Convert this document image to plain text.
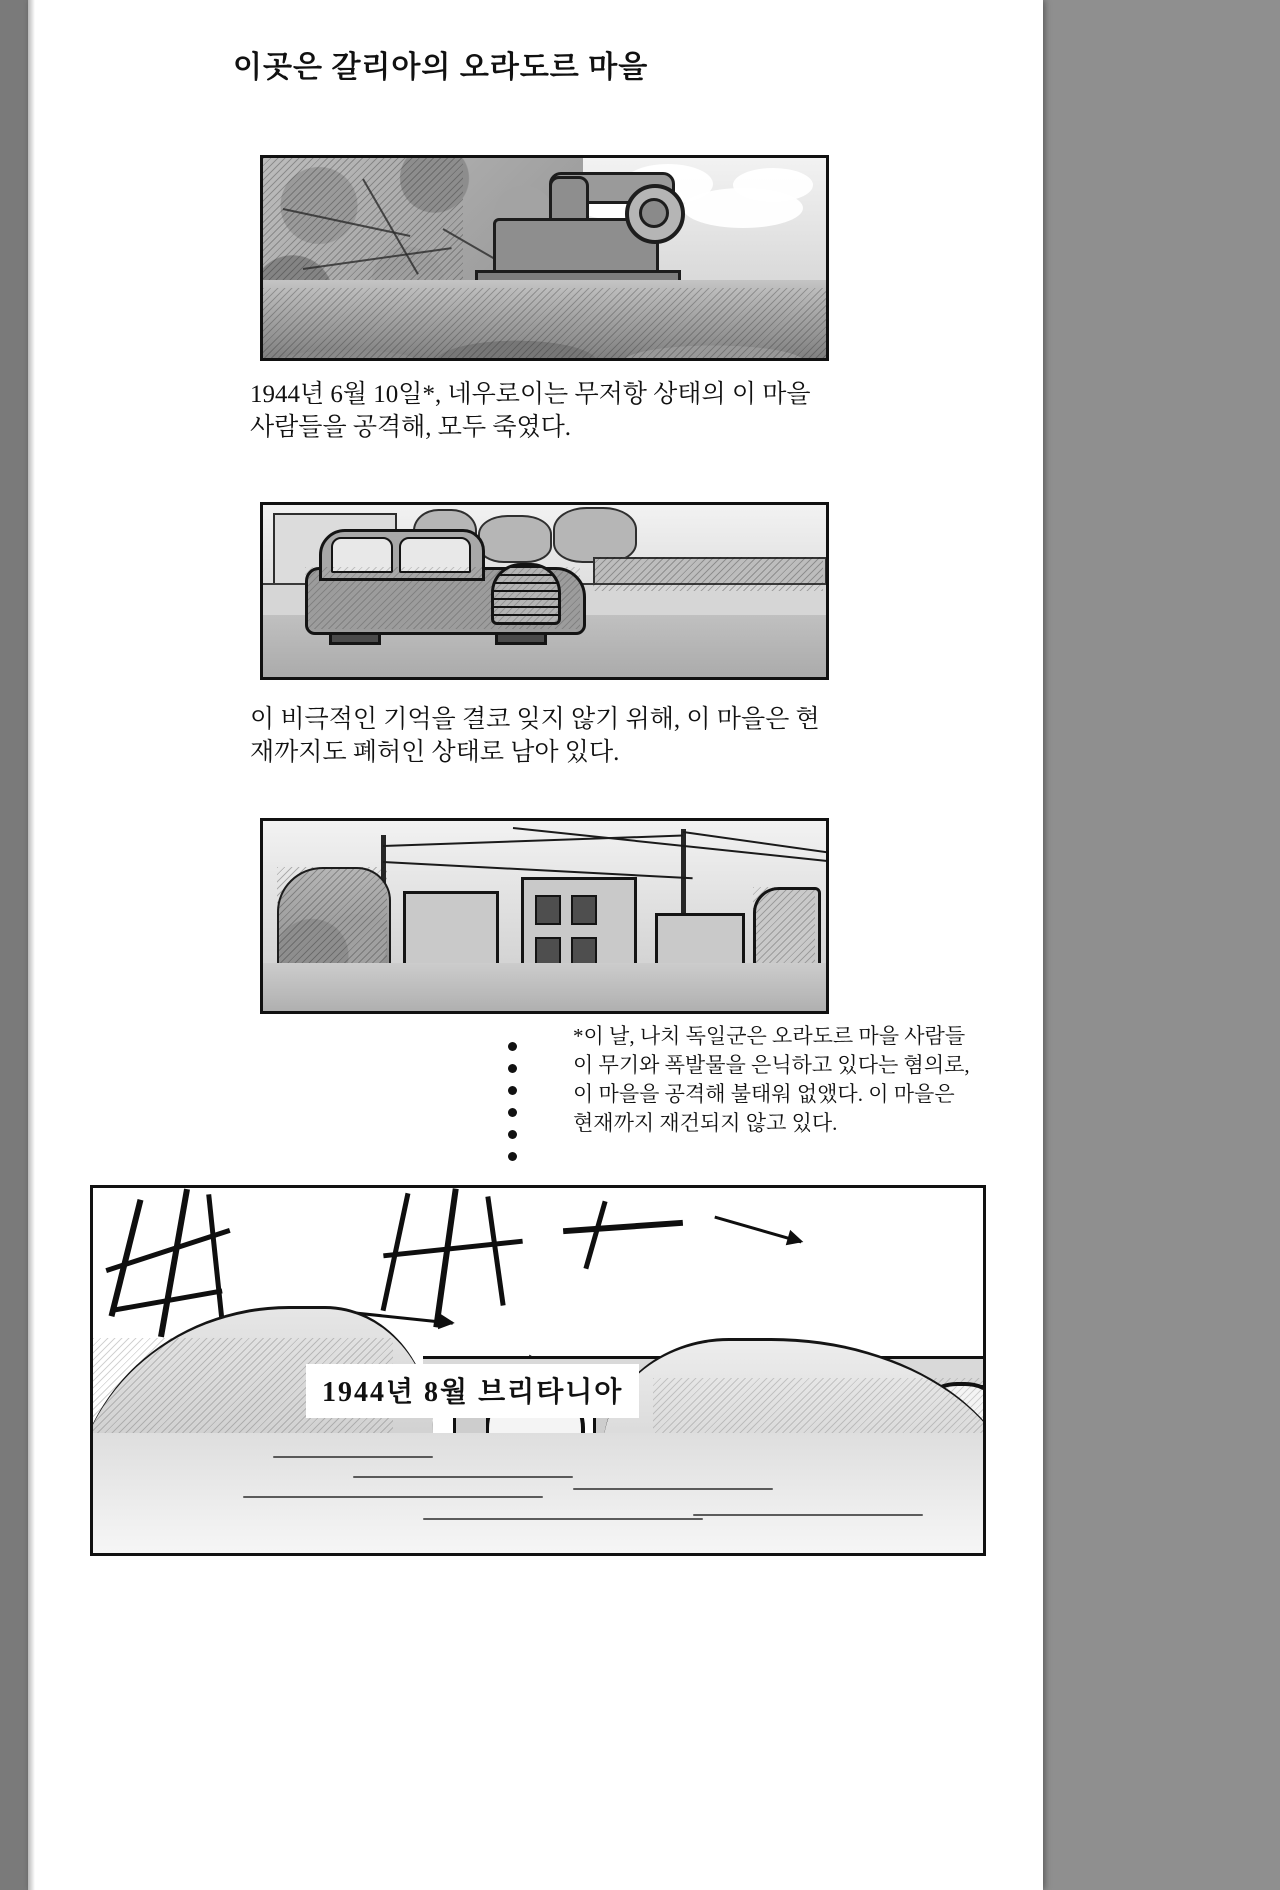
이곳은 갈리아의 오라도르 마을
1944년 6월 10일*, 네우로이는 무저항 상태의 이 마을 사람들을 공격해, 모두 죽였다.
이 비극적인 기억을 결코 잊지 않기 위해, 이 마을은 현재까지도 폐허인 상태로 남아 있다.
*이 날, 나치 독일군은 오라도르 마을 사람들이 무기와 폭발물을 은닉하고 있다는 혐의로, 이 마을을 공격해 불태워 없앴다. 이 마을은 현재까지 재건되지 않고 있다.
1944년 8월 브리타니아
